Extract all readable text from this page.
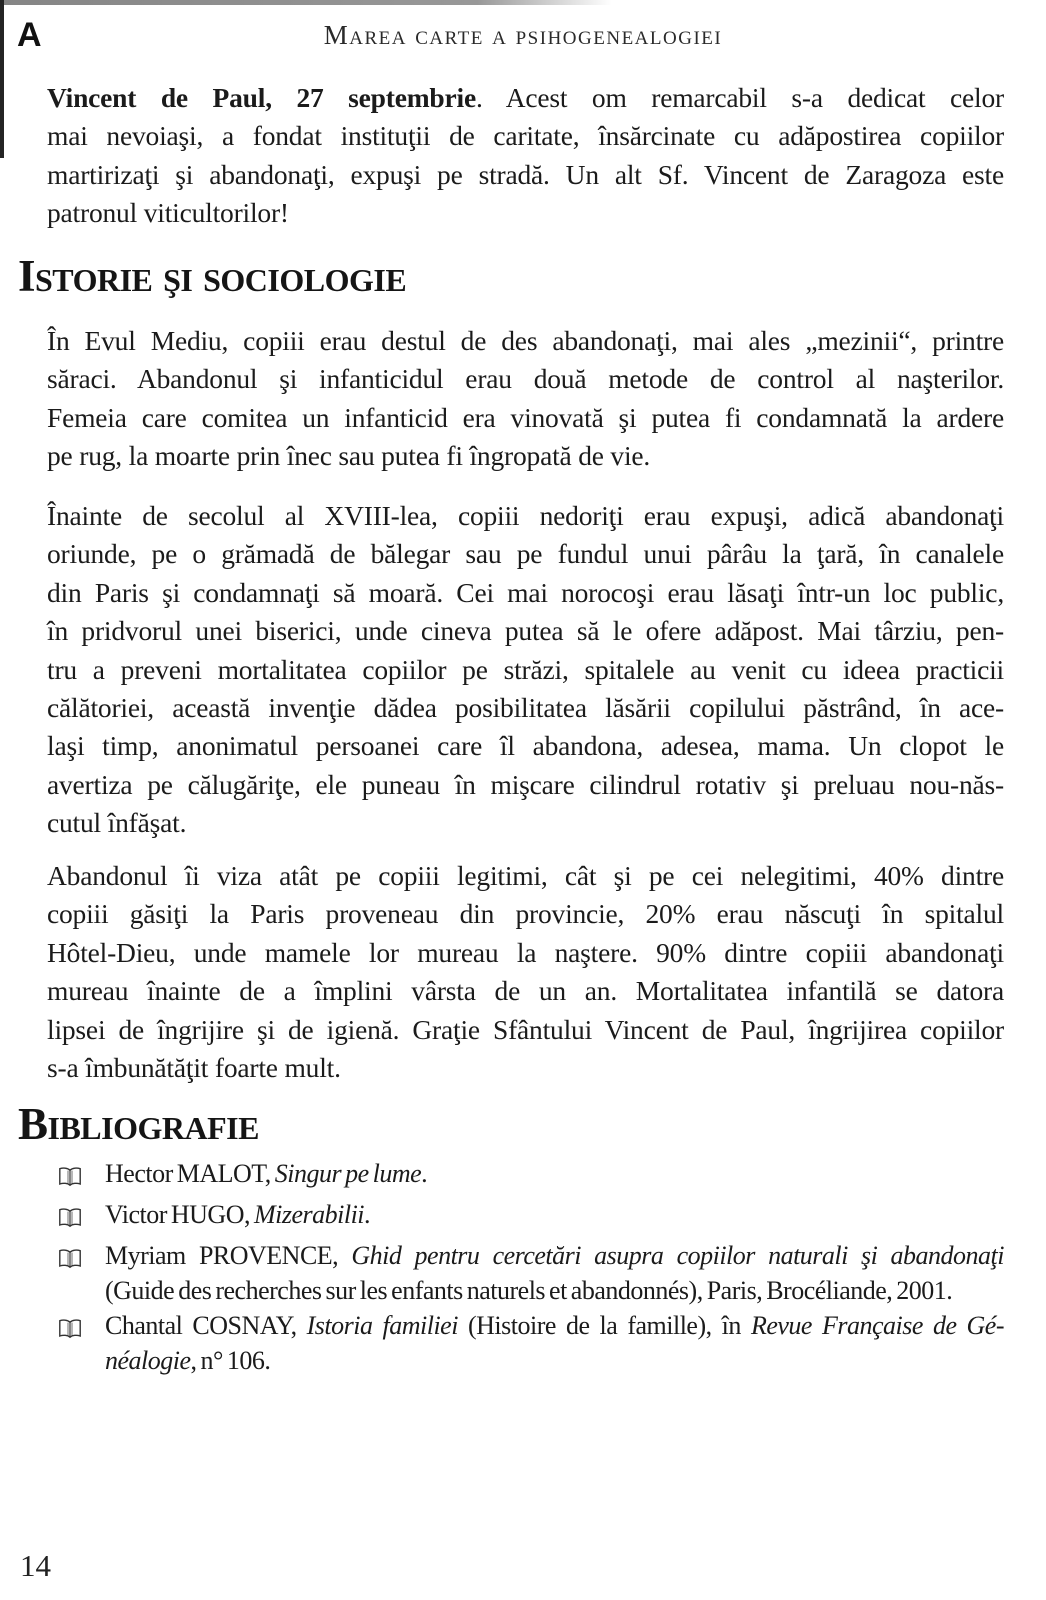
A	Marea carte a psihogenealogiei
Vincent de Paul, 27 septembrie. Acest om remarcabil s-a dedicat celor
mai nevoiaşi, a fondat instituţii de caritate, însărcinate cu adăpostirea copiilor
martirizaţi şi abandonaţi, expuşi pe stradă. Un alt Sf. Vincent de Zaragoza este
patronul viticultorilor!
Istorie şi sociologie
În Evul Mediu, copiii erau destul de des abandonaţi, mai ales „mezinii“, printre
săraci. Abandonul şi infanticidul erau două metode de control al naşterilor.
Femeia care comitea un infanticid era vinovată şi putea fi condamnată la ardere
pe rug, la moarte prin înec sau putea fi îngropată de vie.
Înainte de secolul al XVIII-lea, copiii nedoriţi erau expuşi, adică abandonaţi
oriunde, pe o grămadă de bălegar sau pe fundul unui pârâu la ţară, în canalele
din Paris şi condamnaţi să moară. Cei mai norocoşi erau lăsaţi într-un loc public,
în pridvorul unei biserici, unde cineva putea să le ofere adăpost. Mai târziu, pen-
tru a preveni mortalitatea copiilor pe străzi, spitalele au venit cu ideea practicii
călătoriei, această invenţie dădea posibilitatea lăsării copilului păstrând, în ace-
laşi timp, anonimatul persoanei care îl abandona, adesea, mama. Un clopot le
avertiza pe călugăriţe, ele puneau în mişcare cilindrul rotativ şi preluau nou-năs-
cutul înfăşat.
Abandonul îi viza atât pe copiii legitimi, cât şi pe cei nelegitimi, 40% dintre
copiii găsiţi la Paris proveneau din provincie, 20% erau născuţi în spitalul
Hôtel-Dieu, unde mamele lor mureau la naştere. 90% dintre copiii abandonaţi
mureau înainte de a împlini vârsta de un an. Mortalitatea infantilă se datora
lipsei de îngrijire şi de igienă. Graţie Sfântului Vincent de Paul, îngrijirea copiilor
s-a îmbunătăţit foarte mult.
Bibliografie
Hector MALOT, Singur pe lume.
Victor HUGO, Mizerabilii.
Myriam PROVENCE, Ghid pentru cercetări asupra copiilor naturali şi abandonaţi
(Guide des recherches sur les enfants naturels et abandonnés), Paris, Brocéliande, 2001.
Chantal COSNAY, Istoria familiei (Histoire de la famille), în Revue Française de Gé-
néalogie, n° 106.
14
